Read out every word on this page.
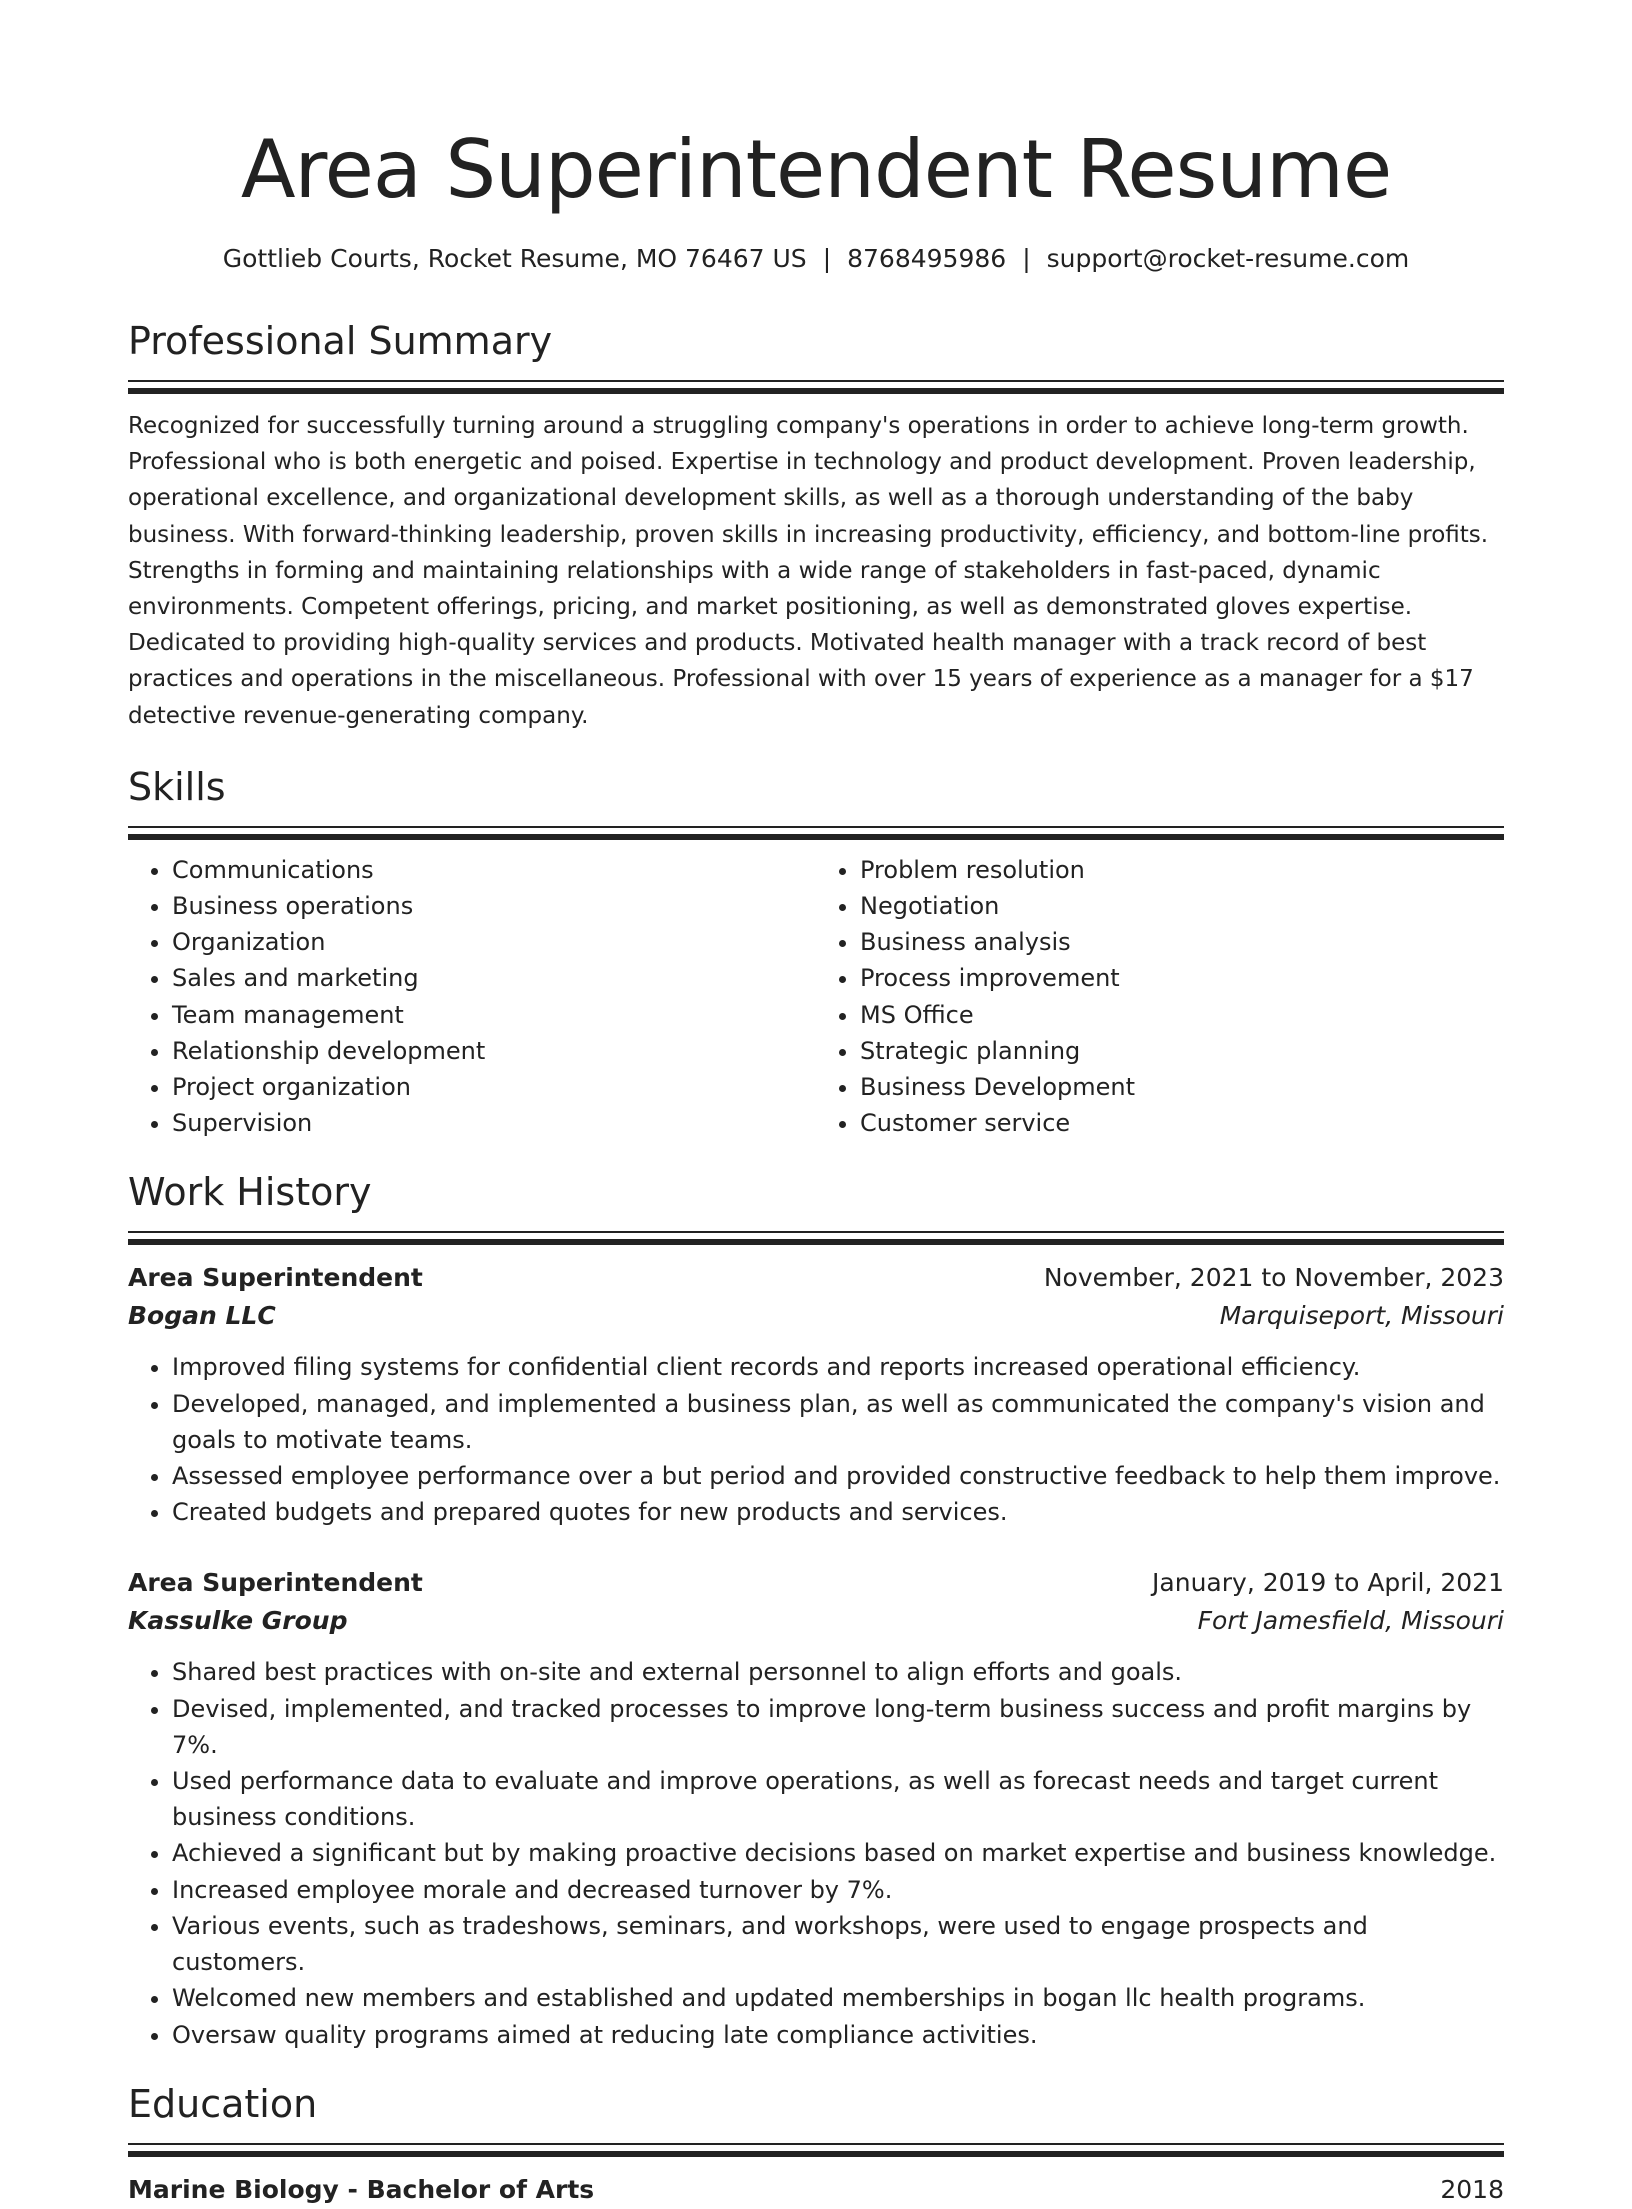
Area Superintendent Resume
Gottlieb Courts, Rocket Resume, MO 76467 US | 8768495986 | support@rocket-resume.com
Professional Summary
Recognized for successfully turning around a struggling company's operations in order to achieve long-term growth. Professional who is both energetic and poised. Expertise in technology and product development. Proven leadership, operational excellence, and organizational development skills, as well as a thorough understanding of the baby business. With forward-thinking leadership, proven skills in increasing productivity, efficiency, and bottom-line profits. Strengths in forming and maintaining relationships with a wide range of stakeholders in fast-paced, dynamic environments. Competent offerings, pricing, and market positioning, as well as demonstrated gloves expertise. Dedicated to providing high-quality services and products. Motivated health manager with a track record of best practices and operations in the miscellaneous. Professional with over 15 years of experience as a manager for a $17 detective revenue-generating company.
Skills
• Communications
• Business operations
• Organization
• Sales and marketing
• Team management
• Relationship development
• Project organization
• Supervision
• Problem resolution
• Negotiation
• Business analysis
• Process improvement
• MS Office
• Strategic planning
• Business Development
• Customer service
Work History
Area Superintendent	November, 2021 to November, 2023
Bogan LLC	Marquiseport, Missouri
• Improved filing systems for confidential client records and reports increased operational efficiency.
• Developed, managed, and implemented a business plan, as well as communicated the company's vision and goals to motivate teams.
• Assessed employee performance over a but period and provided constructive feedback to help them improve.
• Created budgets and prepared quotes for new products and services.
Area Superintendent	January, 2019 to April, 2021
Kassulke Group	Fort Jamesfield, Missouri
• Shared best practices with on-site and external personnel to align efforts and goals.
• Devised, implemented, and tracked processes to improve long-term business success and profit margins by 7%.
• Used performance data to evaluate and improve operations, as well as forecast needs and target current business conditions.
• Achieved a significant but by making proactive decisions based on market expertise and business knowledge.
• Increased employee morale and decreased turnover by 7%.
• Various events, such as tradeshows, seminars, and workshops, were used to engage prospects and customers.
• Welcomed new members and established and updated memberships in bogan llc health programs.
• Oversaw quality programs aimed at reducing late compliance activities.
Education
Marine Biology - Bachelor of Arts	2018
